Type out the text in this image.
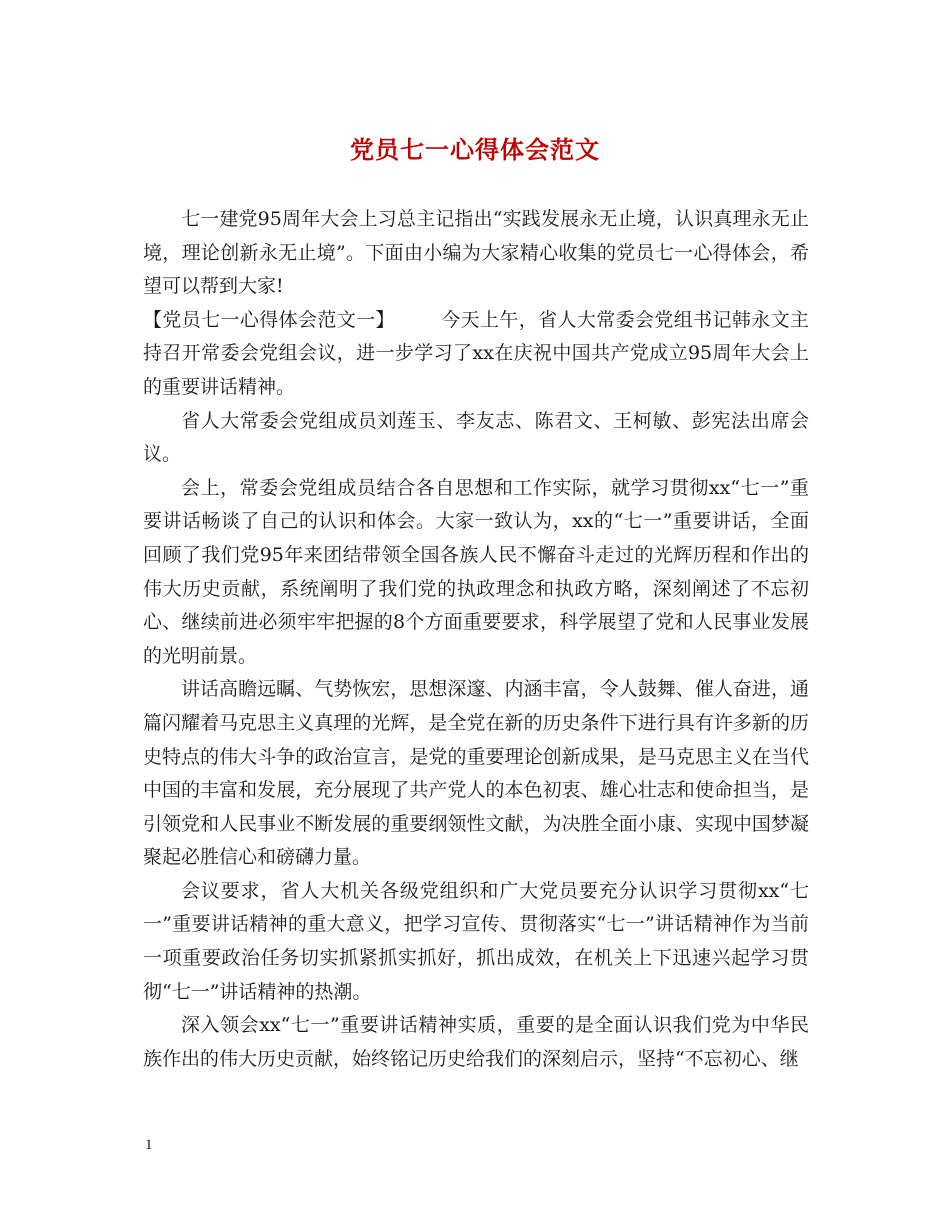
党员七一心得体会范文

七一建党95周年大会上习总主记指出“实践发展永无止境，认识真理永无止境，理论创新永无止境”。下面由小编为大家精心收集的党员七一心得体会，希望可以帮到大家!

【党员七一心得体会范文一】 今天上午，省人大常委会党组书记韩永文主持召开常委会党组会议，进一步学习了xx在庆祝中国共产党成立95周年大会上的重要讲话精神。

省人大常委会党组成员刘莲玉、李友志、陈君文、王柯敏、彭宪法出席会议。

会上，常委会党组成员结合各自思想和工作实际，就学习贯彻xx“七一”重要讲话畅谈了自己的认识和体会。大家一致认为，xx的“七一”重要讲话，全面回顾了我们党95年来团结带领全国各族人民不懈奋斗走过的光辉历程和作出的伟大历史贡献，系统阐明了我们党的执政理念和执政方略，深刻阐述了不忘初心、继续前进必须牢牢把握的8个方面重要要求，科学展望了党和人民事业发展的光明前景。

讲话高瞻远瞩、气势恢宏，思想深邃、内涵丰富，令人鼓舞、催人奋进，通篇闪耀着马克思主义真理的光辉，是全党在新的历史条件下进行具有许多新的历史特点的伟大斗争的政治宣言，是党的重要理论创新成果，是马克思主义在当代中国的丰富和发展，充分展现了共产党人的本色初衷、雄心壮志和使命担当，是引领党和人民事业不断发展的重要纲领性文献，为决胜全面小康、实现中国梦凝聚起必胜信心和磅礴力量。

会议要求，省人大机关各级党组织和广大党员要充分认识学习贯彻xx“七一”重要讲话精神的重大意义，把学习宣传、贯彻落实“七一”讲话精神作为当前一项重要政治任务切实抓紧抓实抓好，抓出成效，在机关上下迅速兴起学习贯彻“七一”讲话精神的热潮。

深入领会xx“七一”重要讲话精神实质，重要的是全面认识我们党为中华民族作出的伟大历史贡献，始终铭记历史给我们的深刻启示，坚持“不忘初心、继

1
